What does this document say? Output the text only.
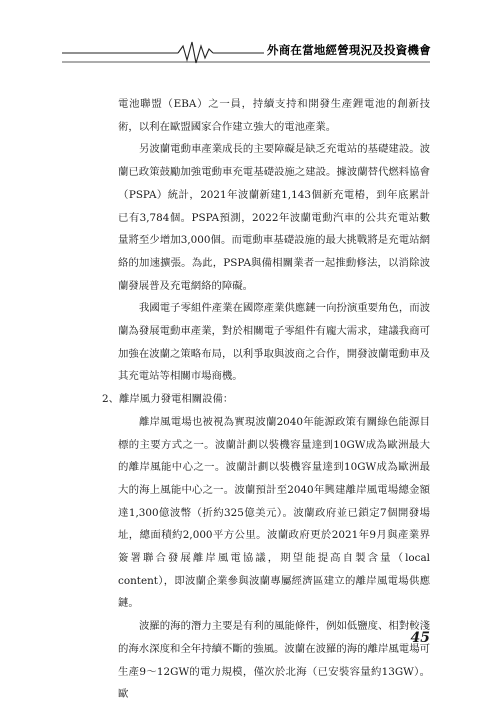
外商在當地經營現況及投資機會

電池聯盟（EBA）之一員，持續支持和開發生產鋰電池的創新技術，以利在歐盟國家合作建立強大的電池產業。

另波蘭電動車產業成長的主要障礙是缺乏充電站的基礎建設。波蘭已政策鼓勵加強電動車充電基礎設施之建設。據波蘭替代燃料協會（PSPA）統計，2021年波蘭新建1,143個新充電樁，到年底累計已有3,784個。PSPA預測，2022年波蘭電動汽車的公共充電站數量將至少增加3,000個。而電動車基礎設施的最大挑戰將是充電站網絡的加速擴張。為此，PSPA與備相關業者一起推動修法，以消除波蘭發展普及充電網絡的障礙。

我國電子零組件產業在國際產業供應鏈一向扮演重要角色，而波蘭為發展電動車產業，對於相關電子零組件有龐大需求，建議我商可加強在波蘭之策略布局，以利爭取與波商之合作，開發波蘭電動車及其充電站等相關市場商機。

2、離岸風力發電相關設備：

離岸風電場也被視為實現波蘭2040年能源政策有關綠色能源目標的主要方式之一。波蘭計劃以裝機容量達到10GW成為歐洲最大的離岸風能中心之一。波蘭計劃以裝機容量達到10GW成為歐洲最大的海上風能中心之一。波蘭預計至2040年興建離岸風電場總金額達1,300億波幣（折約325億美元）。波蘭政府並已鎖定7個開發場址，總面積約2,000平方公里。波蘭政府更於2021年9月與產業界簽署聯合發展離岸風電協議，期望能提高自製含量（local content），即波蘭企業參與波蘭專屬經濟區建立的離岸風電場供應鏈。

波羅的海的潛力主要是有利的風能條件，例如低鹽度、相對較淺的海水深度和全年持續不斷的強風。波蘭在波羅的海的離岸風電場可生產9～12GW的電力規模，僅次於北海（已安裝容量約13GW）。歐

45
